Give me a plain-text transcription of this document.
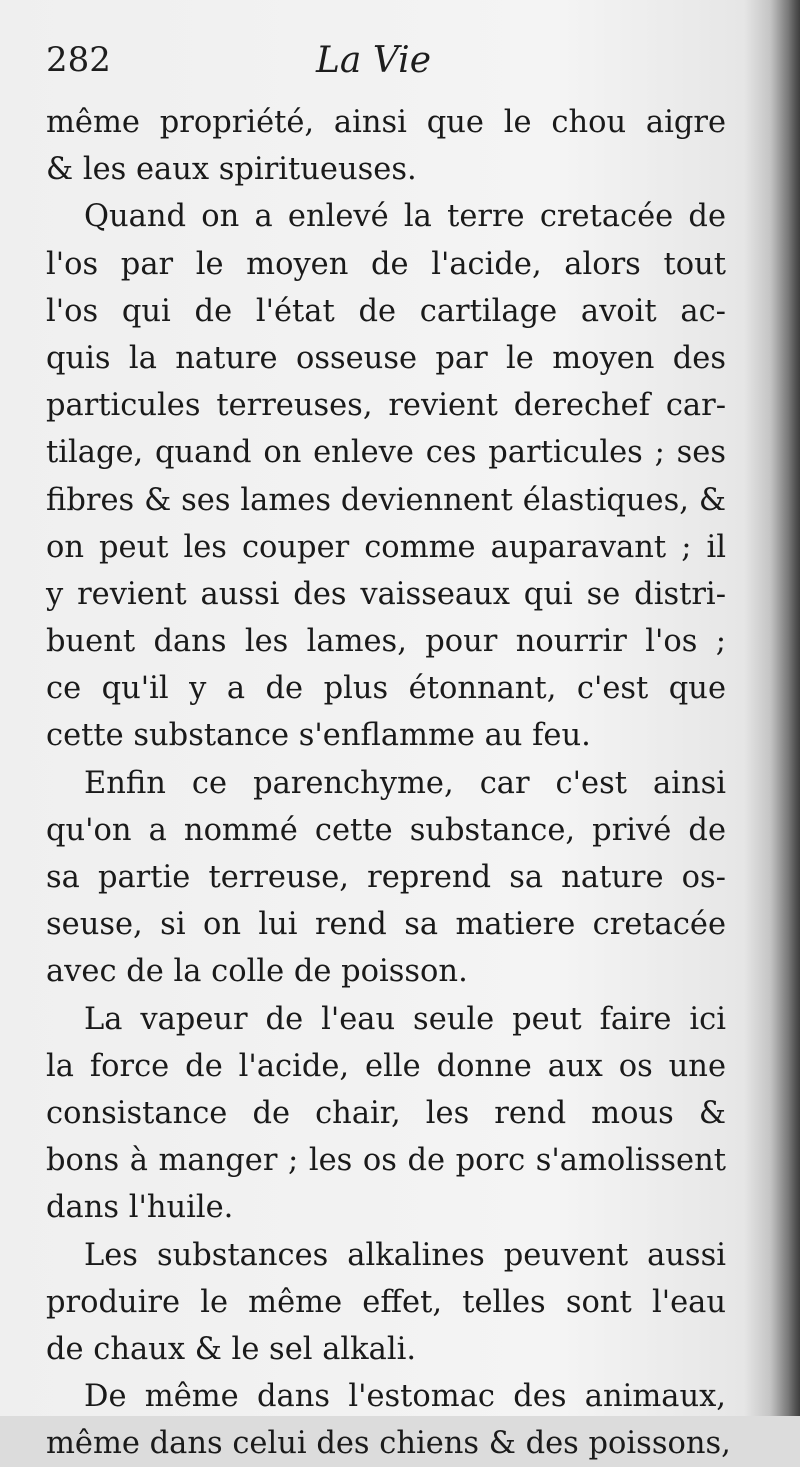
282	La Vie
même propriété, ainsi que le chou aigre
& les eaux spiritueuses.
Quand on a enlevé la terre cretacée de
l'os par le moyen de l'acide, alors tout
l'os qui de l'état de cartilage avoit ac-
quis la nature osseuse par le moyen des
particules terreuses, revient derechef car-
tilage, quand on enleve ces particules ; ses
fibres & ses lames deviennent élastiques, &
on peut les couper comme auparavant ; il
y revient aussi des vaisseaux qui se distri-
buent dans les lames, pour nourrir l'os ;
ce qu'il y a de plus étonnant, c'est que
cette substance s'enflamme au feu.
Enfin ce parenchyme, car c'est ainsi
qu'on a nommé cette substance, privé de
sa partie terreuse, reprend sa nature os-
seuse, si on lui rend sa matiere cretacée
avec de la colle de poisson.
La vapeur de l'eau seule peut faire ici
la force de l'acide, elle donne aux os une
consistance de chair, les rend mous &
bons à manger ; les os de porc s'amolissent
dans l'huile.
Les substances alkalines peuvent aussi
produire le même effet, telles sont l'eau
de chaux & le sel alkali.
De même dans l'estomac des animaux,
même dans celui des chiens & des poissons,
